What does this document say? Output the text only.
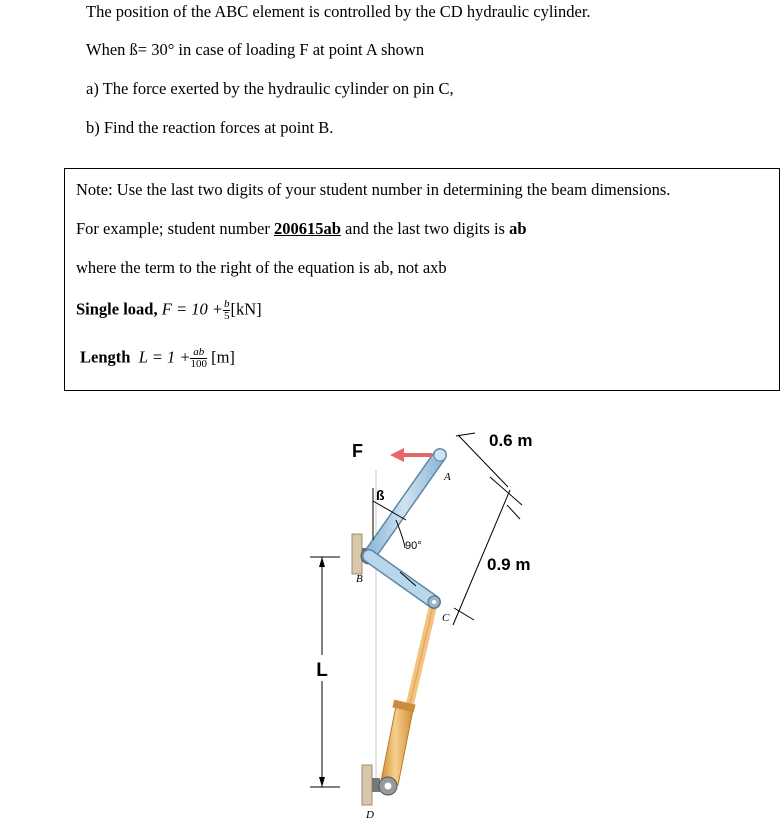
The position of the ABC element is controlled by the CD hydraulic cylinder.
When ß= 30° in case of loading F at point A shown
a) The force exerted by the hydraulic cylinder on pin C,
b) Find the reaction forces at point B.
Note: Use the last two digits of your student number in determining the beam dimensions.
For example; student number 200615ab and the last two digits is ab
where the term to the right of the equation is ab, not axb
Single load, $F = 10 + \frac{b}{5} [kN]$
Length $L = 1 + \frac{ab}{100} [m]$
L
F
0.6 m
0.9 m
ß
90°
A
B
C
D
